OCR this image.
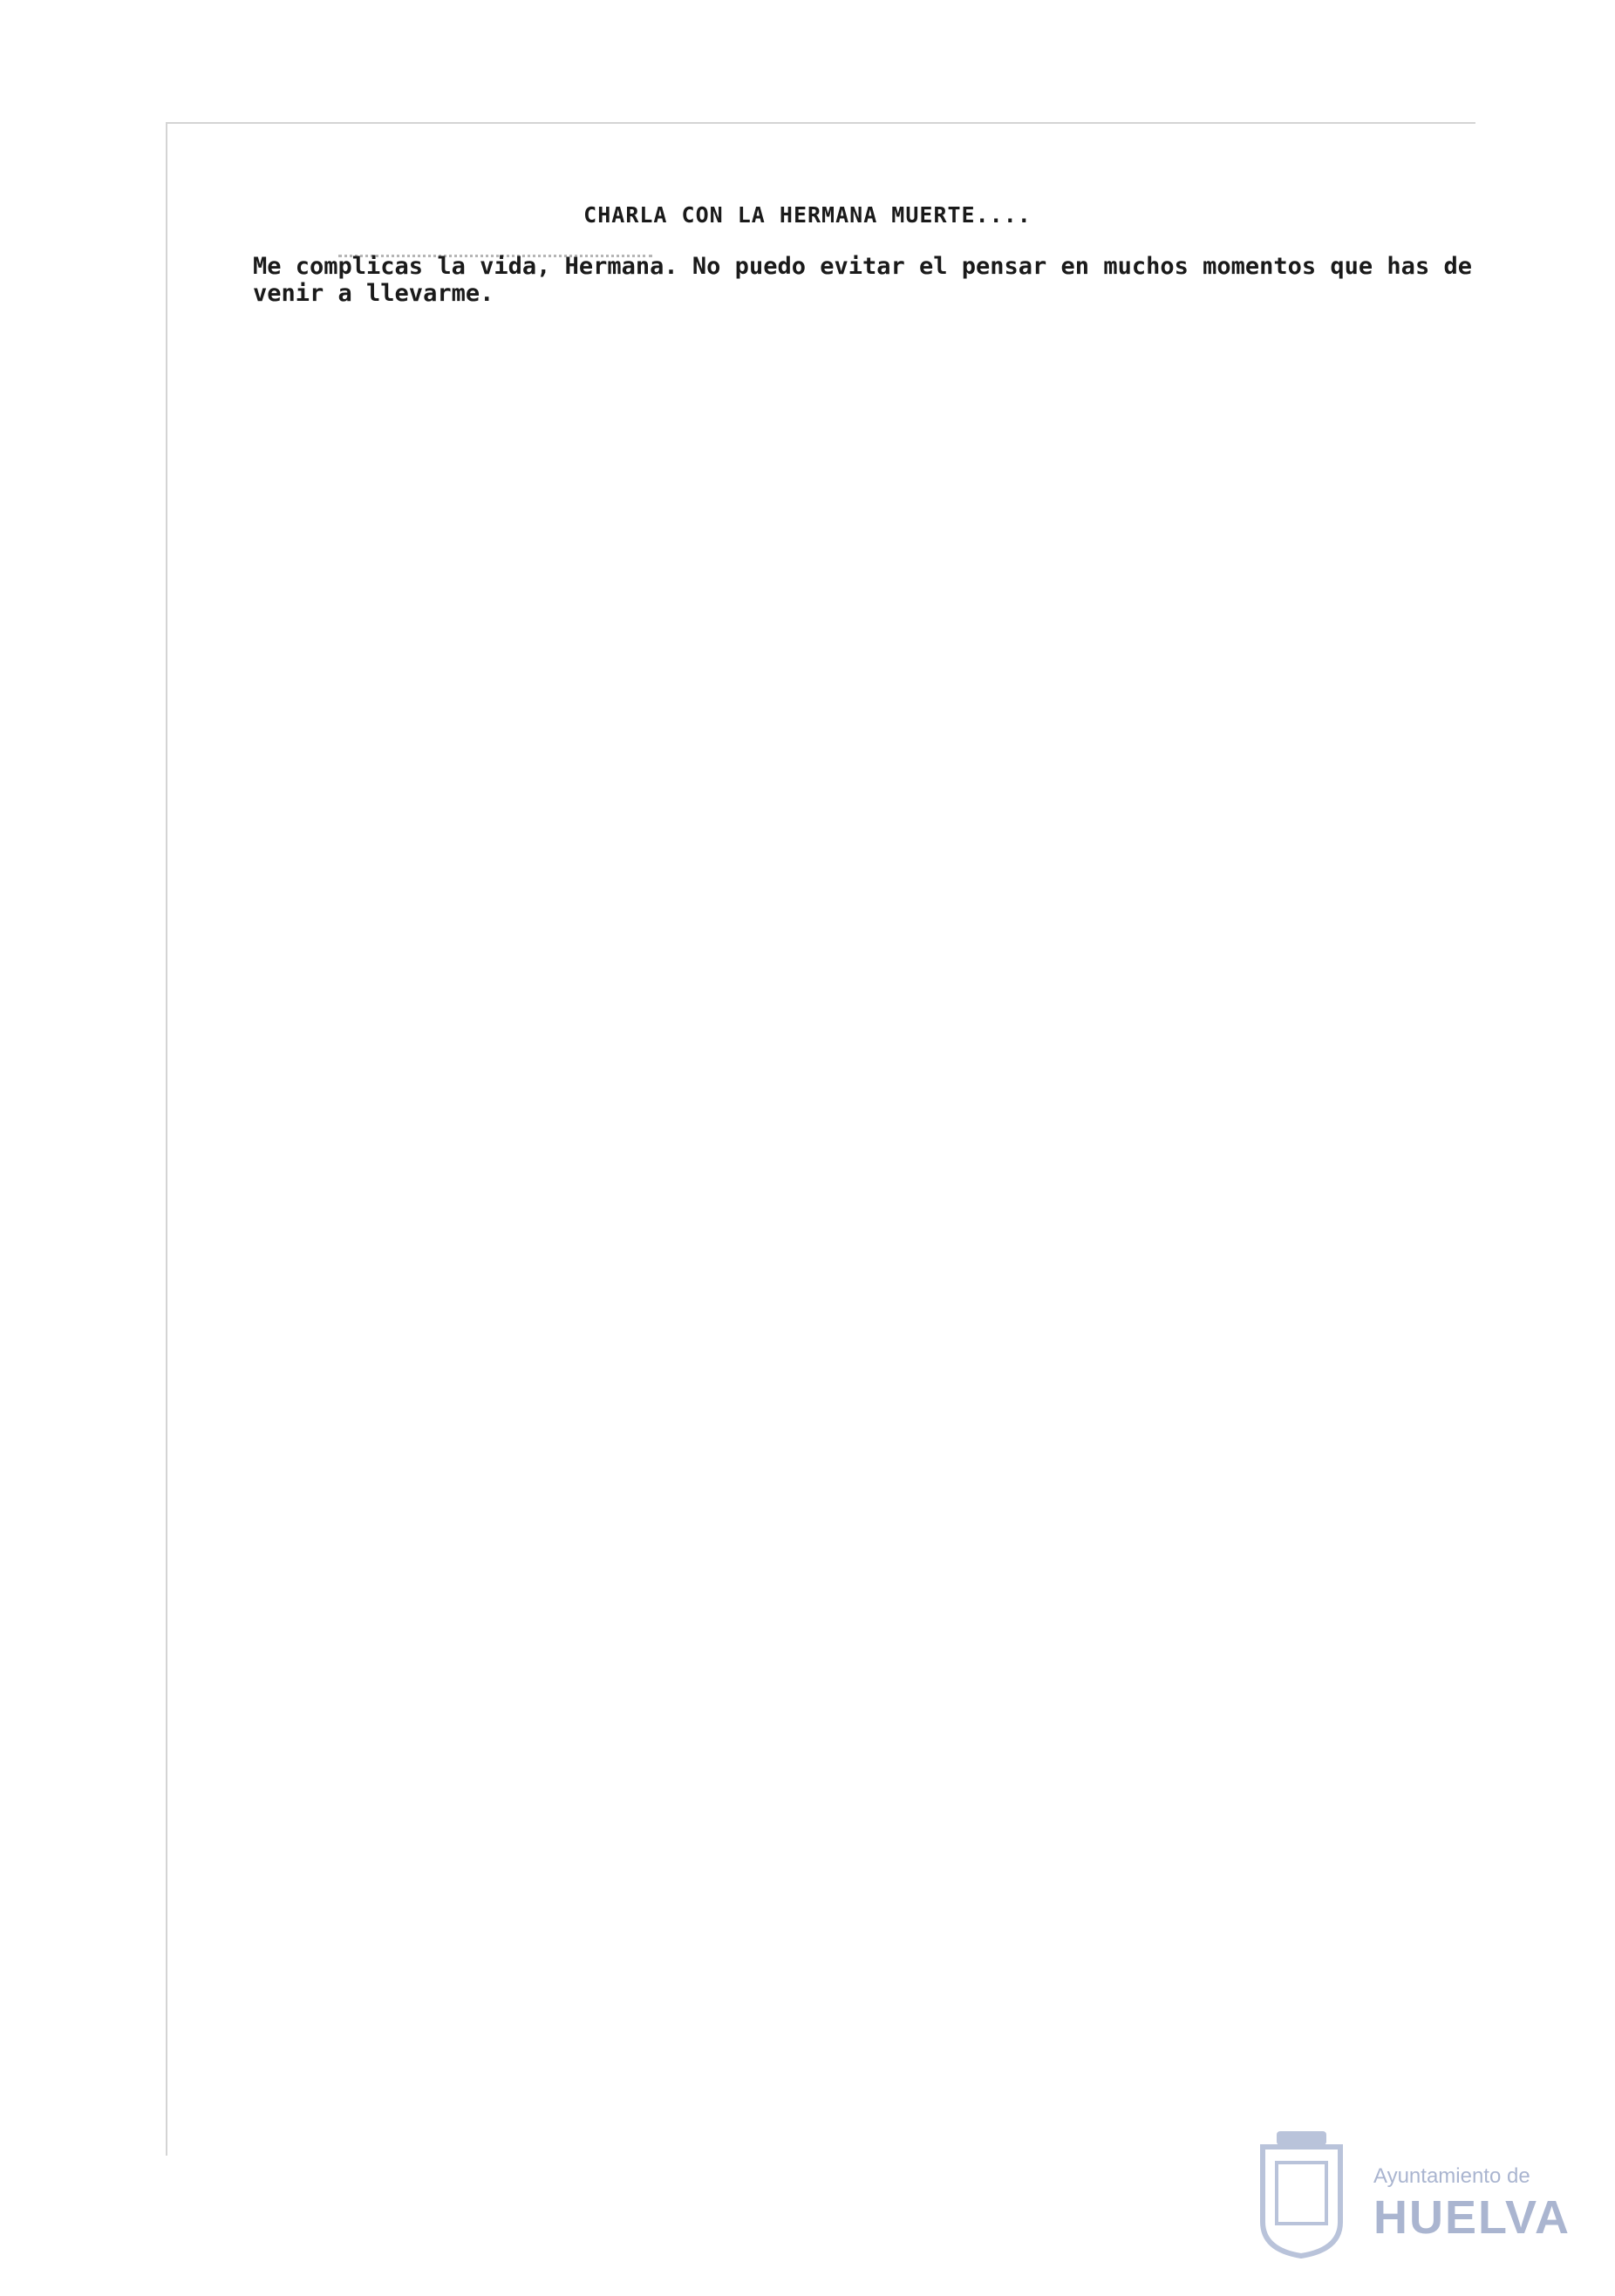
CHARLA CON LA HERMANA MUERTE....

Me complicas la vida, Hermana. No puedo evitar el pensar en muchos momentos que has de venir a llevarme.

Ayuntamiento de
HUELVA
